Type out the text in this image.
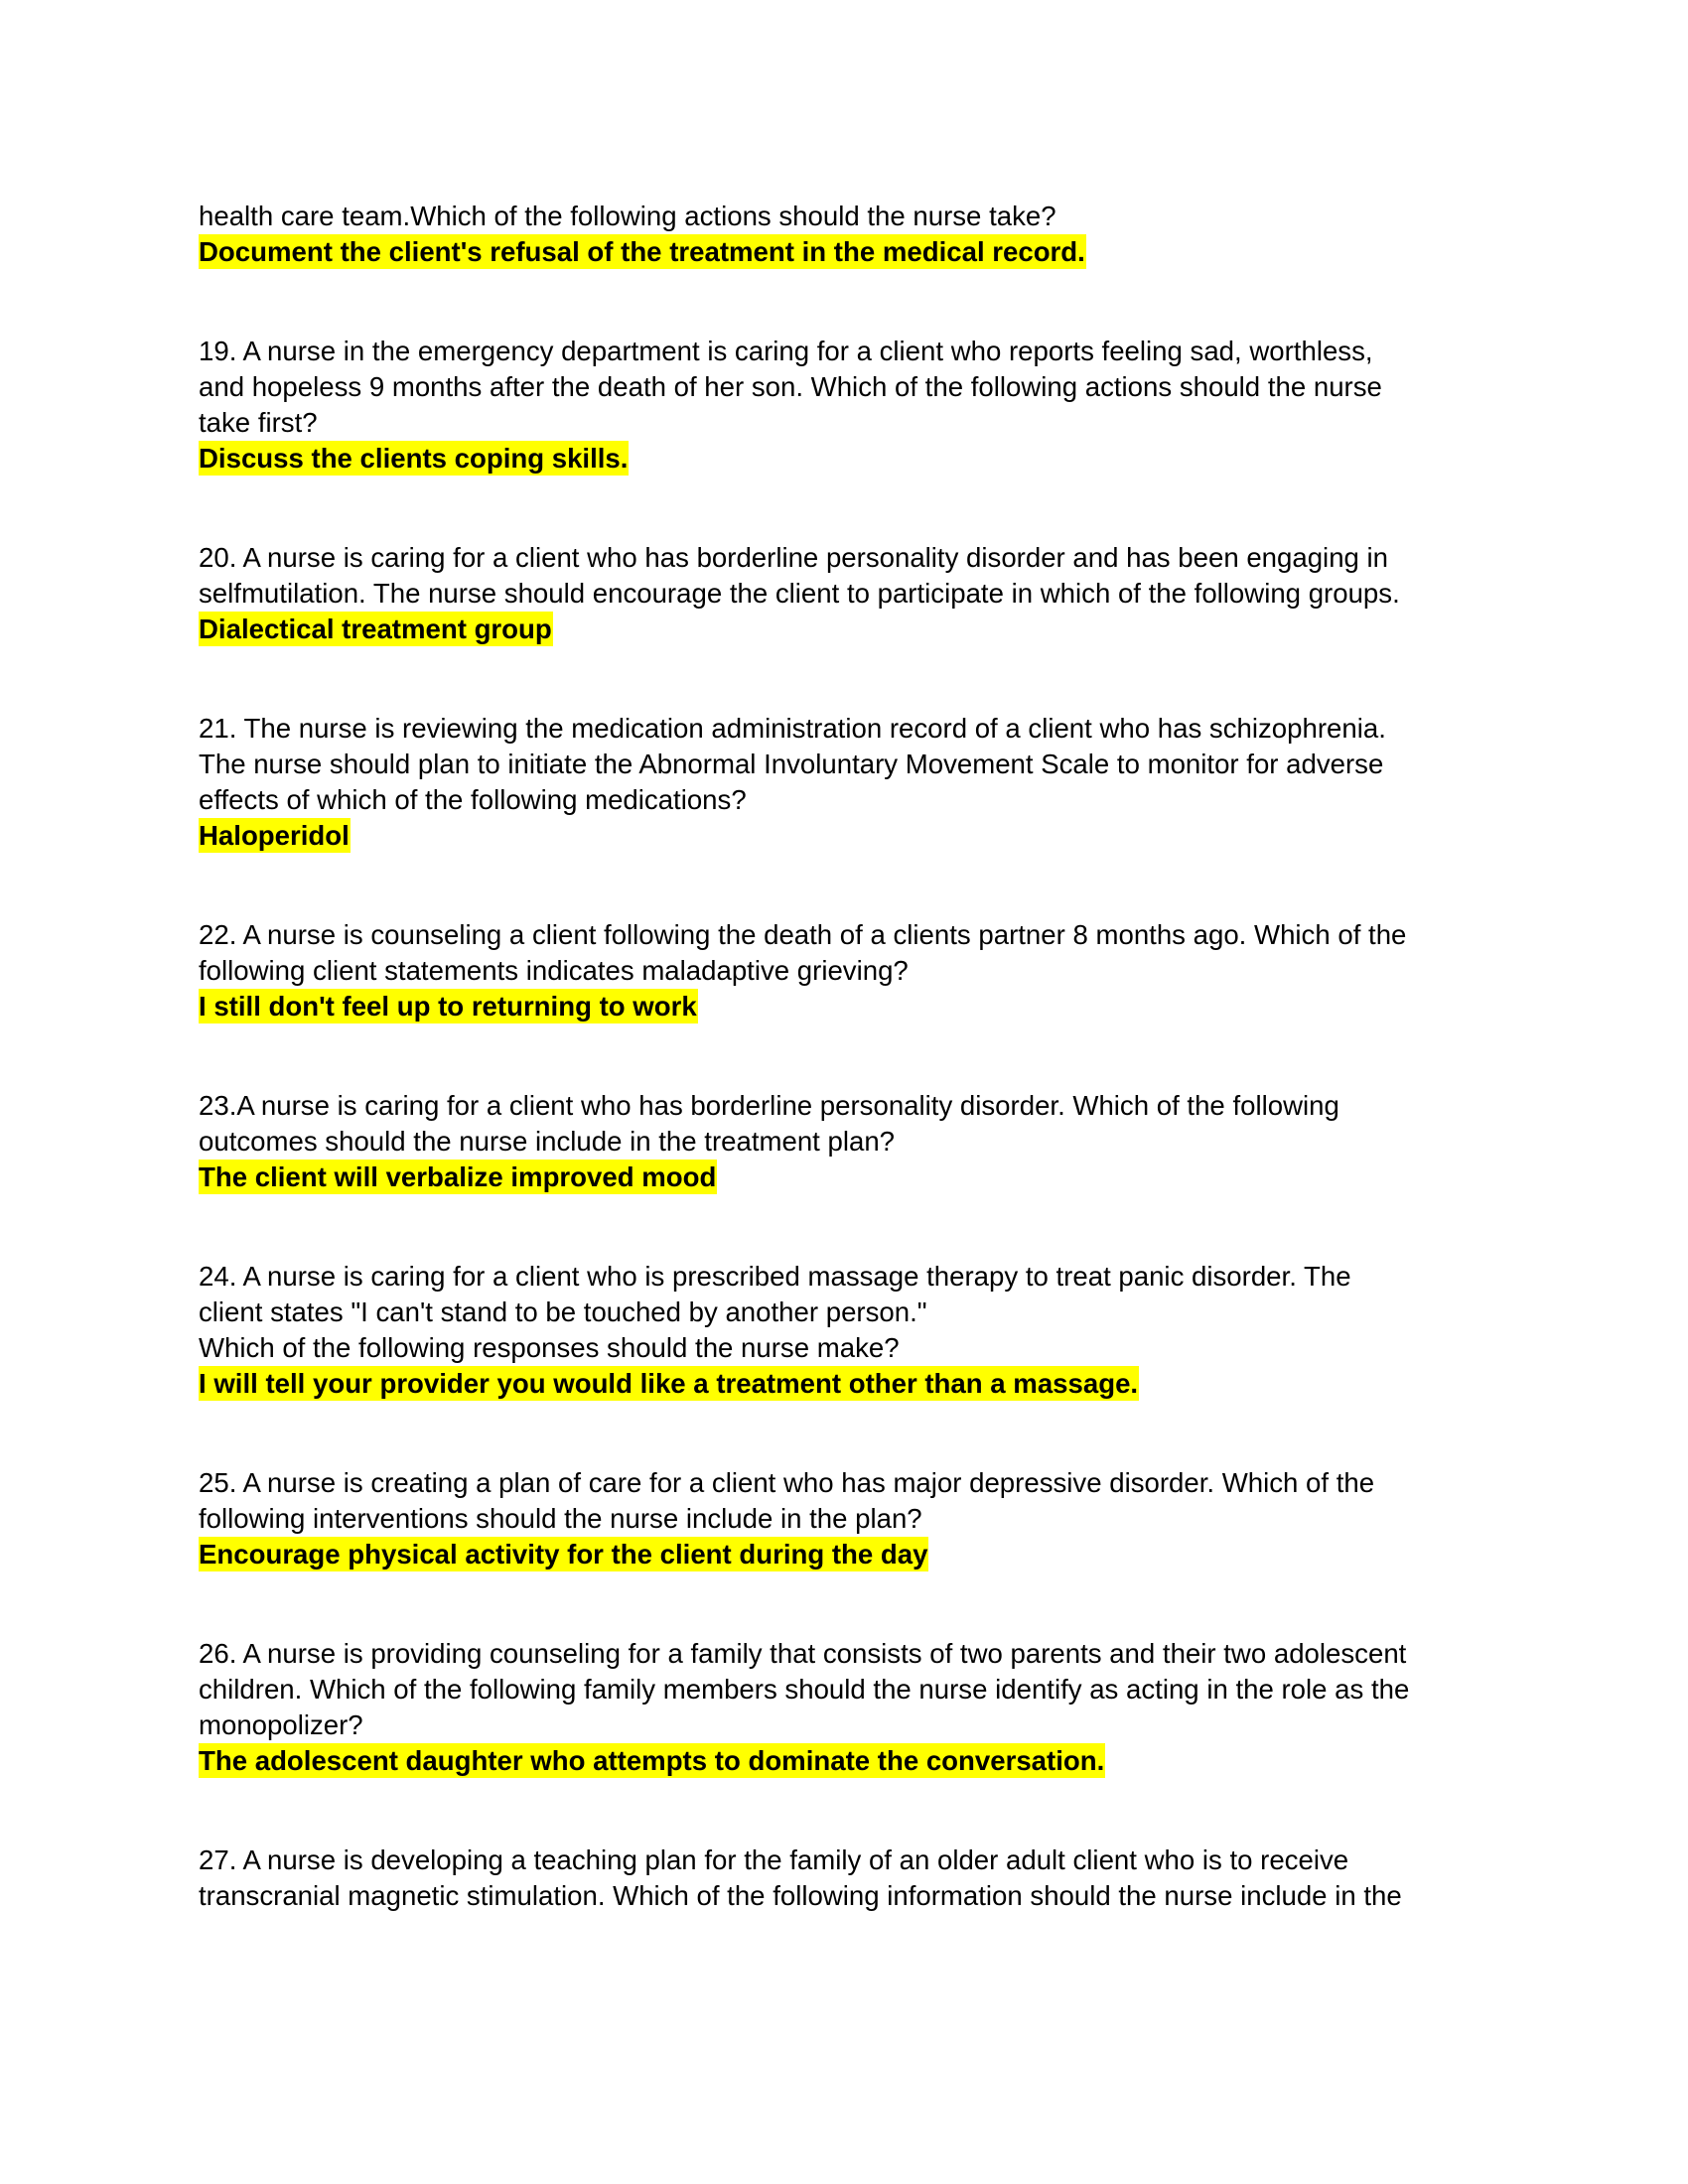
health care team.Which of the following actions should the nurse take?
Document the client's refusal of the treatment in the medical record.
19. A nurse in the emergency department is caring for a client who reports feeling sad, worthless,
and hopeless 9 months after the death of her son. Which of the following actions should the nurse
take first?
Discuss the clients coping skills.
20. A nurse is caring for a client who has borderline personality disorder and has been engaging in
selfmutilation. The nurse should encourage the client to participate in which of the following groups.
Dialectical treatment group
21. The nurse is reviewing the medication administration record of a client who has schizophrenia.
The nurse should plan to initiate the Abnormal Involuntary Movement Scale to monitor for adverse
effects of which of the following medications?
Haloperidol
22. A nurse is counseling a client following the death of a clients partner 8 months ago. Which of the
following client statements indicates maladaptive grieving?
I still don't feel up to returning to work
23.A nurse is caring for a client who has borderline personality disorder. Which of the following
outcomes should the nurse include in the treatment plan?
The client will verbalize improved mood
24. A nurse is caring for a client who is prescribed massage therapy to treat panic disorder. The
client states "I can't stand to be touched by another person."
Which of the following responses should the nurse make?
I will tell your provider you would like a treatment other than a massage.
25. A nurse is creating a plan of care for a client who has major depressive disorder. Which of the
following interventions should the nurse include in the plan?
Encourage physical activity for the client during the day
26. A nurse is providing counseling for a family that consists of two parents and their two adolescent
children. Which of the following family members should the nurse identify as acting in the role as the
monopolizer?
The adolescent daughter who attempts to dominate the conversation.
27. A nurse is developing a teaching plan for the family of an older adult client who is to receive
transcranial magnetic stimulation. Which of the following information should the nurse include in the
